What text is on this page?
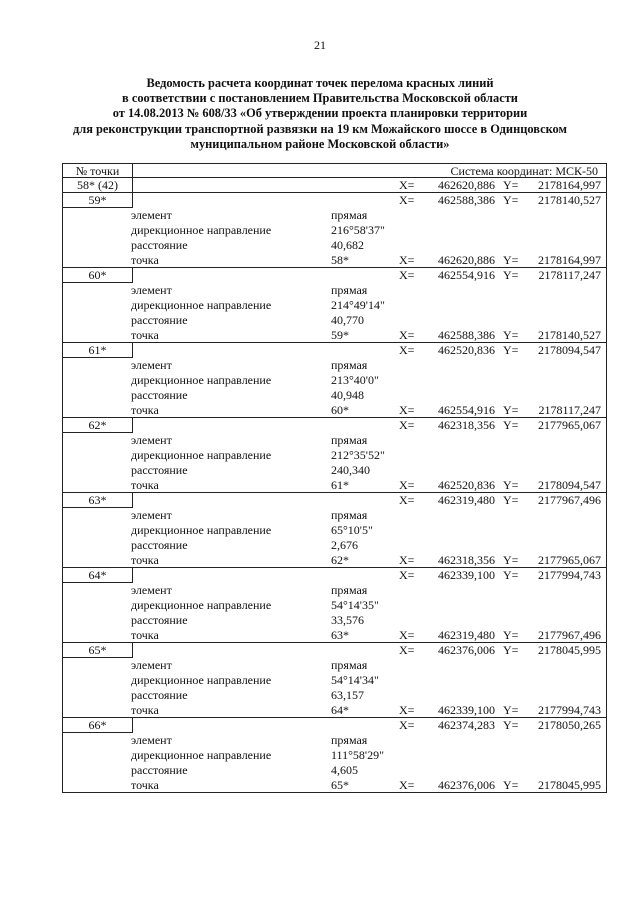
21
Ведомость расчета координат точек перелома красных линий
в соответствии с постановлением Правительства Московской области
от 14.08.2013 № 608/33 «Об утверждении проекта планировки территории
для реконструкции транспортной развязки на 19 км Можайского шоссе в Одинцовском
муниципальном районе Московской области»
№ точки	Система координат: МСК-50
58* (42)	X=	462620,886 Y=	2178164,997
59*	X=	462588,386 Y=	2178140,527
элемент	прямая
дирекционное направление	216°58'37"
расстояние	40,682
точка	58*	X=	462620,886 Y=	2178164,997
60*	X=	462554,916 Y=	2178117,247
элемент	прямая
дирекционное направление	214°49'14"
расстояние	40,770
точка	59*	X=	462588,386 Y=	2178140,527
61*	X=	462520,836 Y=	2178094,547
элемент	прямая
дирекционное направление	213°40'0"
расстояние	40,948
точка	60*	X=	462554,916 Y=	2178117,247
62*	X=	462318,356 Y=	2177965,067
элемент	прямая
дирекционное направление	212°35'52"
расстояние	240,340
точка	61*	X=	462520,836 Y=	2178094,547
63*	X=	462319,480 Y=	2177967,496
элемент	прямая
дирекционное направление	65°10'5"
расстояние	2,676
точка	62*	X=	462318,356 Y=	2177965,067
64*	X=	462339,100 Y=	2177994,743
элемент	прямая
дирекционное направление	54°14'35"
расстояние	33,576
точка	63*	X=	462319,480 Y=	2177967,496
65*	X=	462376,006 Y=	2178045,995
элемент	прямая
дирекционное направление	54°14'34"
расстояние	63,157
точка	64*	X=	462339,100 Y=	2177994,743
66*	X=	462374,283 Y=	2178050,265
элемент	прямая
дирекционное направление	111°58'29"
расстояние	4,605
точка	65*	X=	462376,006 Y=	2178045,995
